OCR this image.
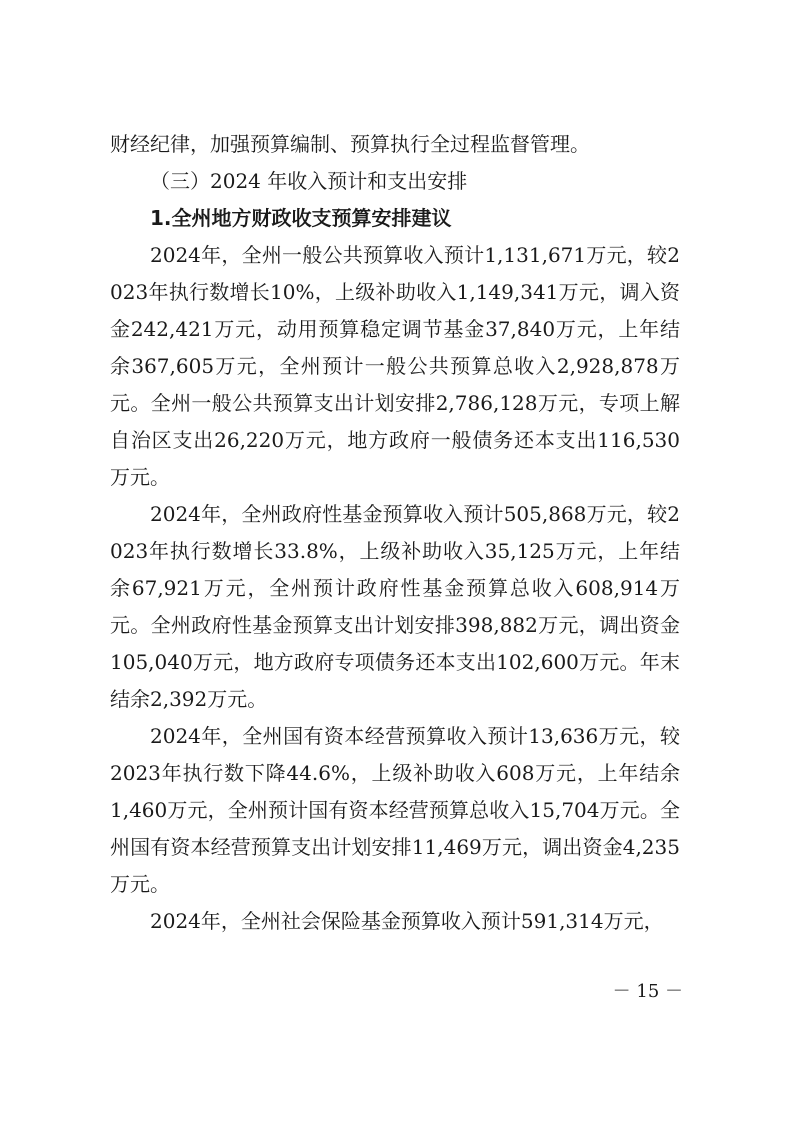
财经纪律，加强预算编制、预算执行全过程监督管理。

（三）2024 年收入预计和支出安排

1.全州地方财政收支预算安排建议

2024年，全州一般公共预算收入预计1,131,671万元，较2023年执行数增长10%，上级补助收入1,149,341万元，调入资金242,421万元，动用预算稳定调节基金37,840万元，上年结余367,605万元，全州预计一般公共预算总收入2,928,878万元。全州一般公共预算支出计划安排2,786,128万元，专项上解自治区支出26,220万元，地方政府一般债务还本支出116,530万元。

2024年，全州政府性基金预算收入预计505,868万元，较2023年执行数增长33.8%，上级补助收入35,125万元，上年结余67,921万元，全州预计政府性基金预算总收入608,914万元。全州政府性基金预算支出计划安排398,882万元，调出资金105,040万元，地方政府专项债务还本支出102,600万元。年末结余2,392万元。

2024年，全州国有资本经营预算收入预计13,636万元，较2023年执行数下降44.6%，上级补助收入608万元，上年结余1,460万元，全州预计国有资本经营预算总收入15,704万元。全州国有资本经营预算支出计划安排11,469万元，调出资金4,235万元。

2024年，全州社会保险基金预算收入预计591,314万元，

－ 15 －
